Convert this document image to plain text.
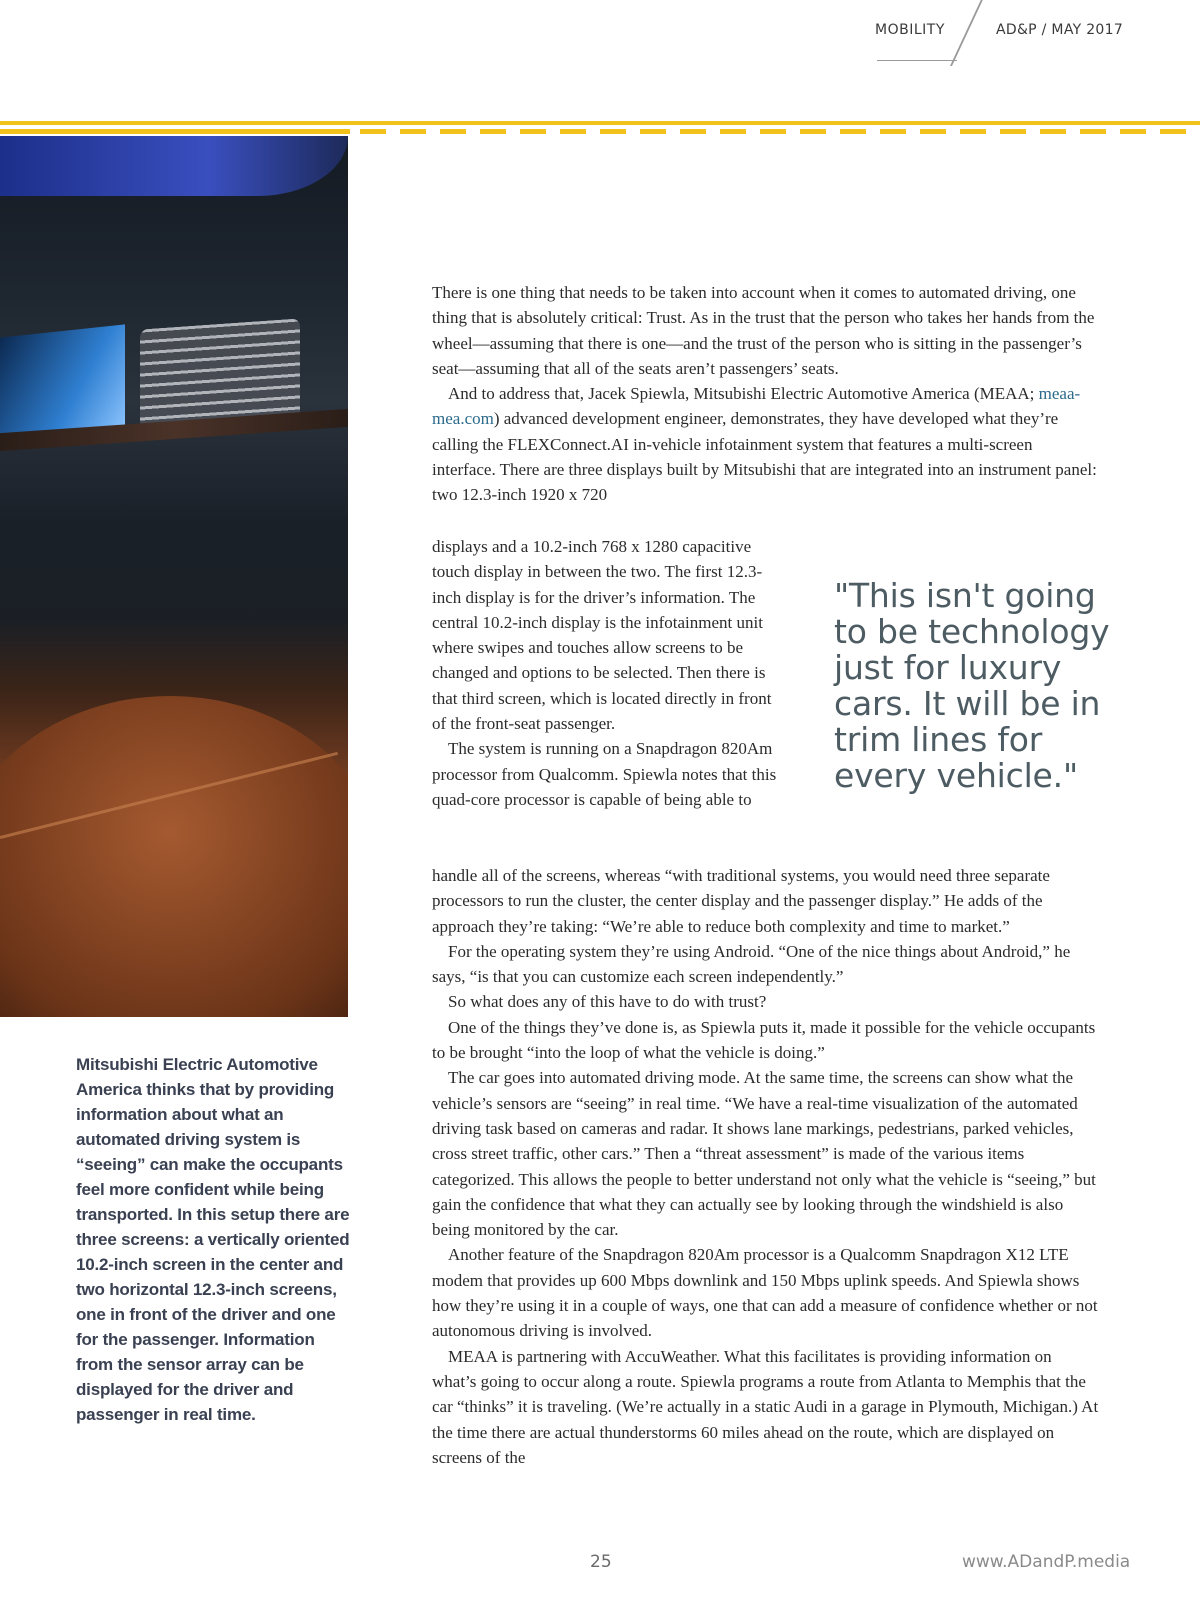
MOBILITY	AD&P / MAY 2017
Mitsubishi Electric Automotive America thinks that by providing information about what an automated driving system is “seeing” can make the occupants feel more confident while being transported. In this setup there are three screens: a vertically oriented 10.2-inch screen in the center and two horizontal 12.3-inch screens, one in front of the driver and one for the passenger. Information from the sensor array can be displayed for the driver and passenger in real time.

There is one thing that needs to be taken into account when it comes to automated driving, one thing that is absolutely critical: Trust. As in the trust that the person who takes her hands from the wheel—assuming that there is one—and the trust of the person who is sitting in the passenger’s seat—assuming that all of the seats aren’t passengers’ seats.

And to address that, Jacek Spiewla, Mitsubishi Electric Automotive America (MEAA; meaa-mea.com) advanced development engineer, demonstrates, they have developed what they’re calling the FLEXConnect.AI in-vehicle infotainment system that features a multi-screen interface. There are three displays built by Mitsubishi that are integrated into an instrument panel: two 12.3-inch 1920 x 720

displays and a 10.2-inch 768 x 1280 capacitive touch display in between the two. The first 12.3-inch display is for the driver’s information. The central 10.2-inch display is the infotainment unit where swipes and touches allow screens to be changed and options to be selected. Then there is that third screen, which is located directly in front of the front-seat passenger.

The system is running on a Snapdragon 820Am processor from Qualcomm. Spiewla notes that this quad-core processor is capable of being able to

"This isn't going to be technology just for luxury cars. It will be in trim lines for every vehicle."

handle all of the screens, whereas “with traditional systems, you would need three separate processors to run the cluster, the center display and the passenger display.” He adds of the approach they’re taking: “We’re able to reduce both complexity and time to market.”

For the operating system they’re using Android. “One of the nice things about Android,” he says, “is that you can customize each screen independently.”

So what does any of this have to do with trust?

One of the things they’ve done is, as Spiewla puts it, made it possible for the vehicle occupants to be brought “into the loop of what the vehicle is doing.”

The car goes into automated driving mode. At the same time, the screens can show what the vehicle’s sensors are “seeing” in real time. “We have a real-time visualization of the automated driving task based on cameras and radar. It shows lane markings, pedestrians, parked vehicles, cross street traffic, other cars.” Then a “threat assessment” is made of the various items categorized. This allows the people to better understand not only what the vehicle is “seeing,” but gain the confidence that what they can actually see by looking through the windshield is also being monitored by the car.

Another feature of the Snapdragon 820Am processor is a Qualcomm Snapdragon X12 LTE modem that provides up 600 Mbps downlink and 150 Mbps uplink speeds. And Spiewla shows how they’re using it in a couple of ways, one that can add a measure of confidence whether or not autonomous driving is involved.

MEAA is partnering with AccuWeather. What this facilitates is providing information on what’s going to occur along a route. Spiewla programs a route from Atlanta to Memphis that the car “thinks” it is traveling. (We’re actually in a static Audi in a garage in Plymouth, Michigan.) At the time there are actual thunderstorms 60 miles ahead on the route, which are displayed on screens of the

25	www.ADandP.media
